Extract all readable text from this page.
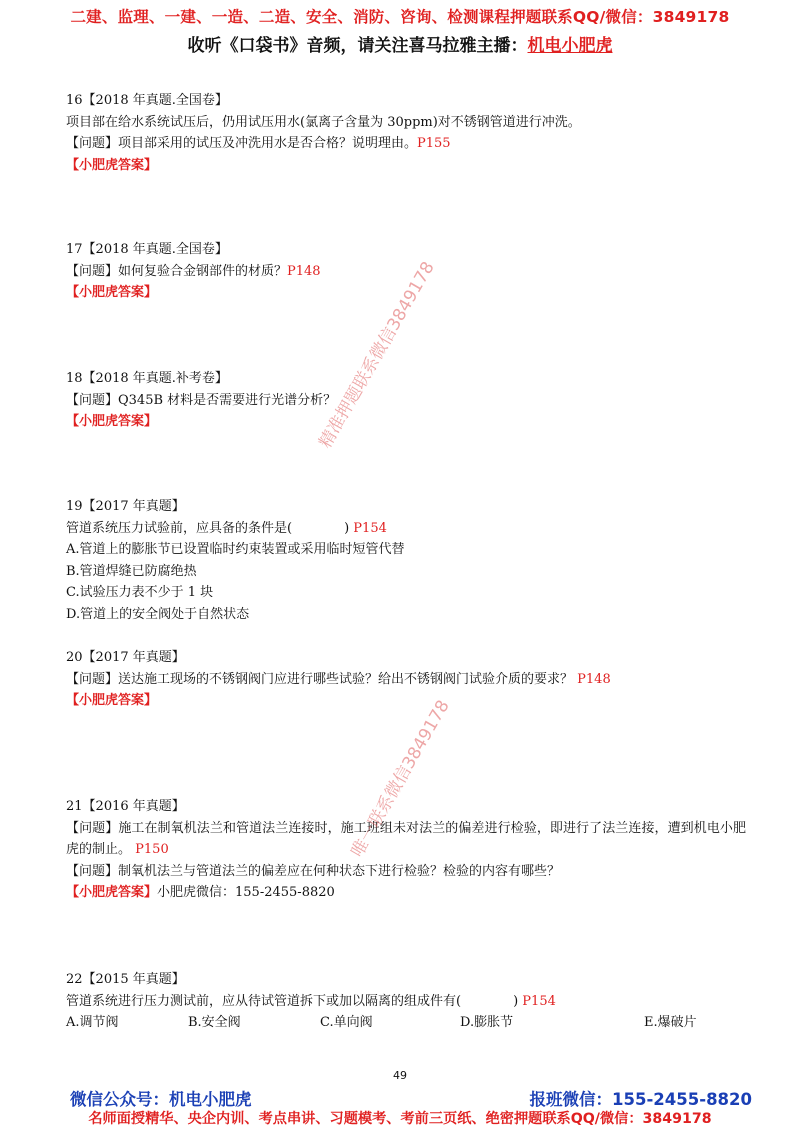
二建、监理、一建、一造、二造、安全、消防、咨询、检测课程押题联系QQ/微信：3849178
收听《口袋书》音频，请关注喜马拉雅主播：机电小肥虎
16【2018 年真题.全国卷】
项目部在给水系统试压后，仍用试压用水(氯离子含量为 30ppm)对不锈钢管道进行冲洗。
【问题】项目部采用的试压及冲洗用水是否合格？说明理由。P155
【小肥虎答案】
17【2018 年真题.全国卷】
【问题】如何复验合金钢部件的材质？P148
【小肥虎答案】
18【2018 年真题.补考卷】
【问题】Q345B 材料是否需要进行光谱分析？
【小肥虎答案】
19【2017 年真题】
管道系统压力试验前，应具备的条件是(　　　　) P154
A.管道上的膨胀节已设置临时约束装置或采用临时短管代替
B.管道焊缝已防腐绝热
C.试验压力表不少于 1 块
D.管道上的安全阀处于自然状态
20【2017 年真题】
【问题】送达施工现场的不锈钢阀门应进行哪些试验？给出不锈钢阀门试验介质的要求？ P148
【小肥虎答案】
21【2016 年真题】
【问题】施工在制氧机法兰和管道法兰连接时，施工班组未对法兰的偏差进行检验，即进行了法兰连接，遭到机电小肥虎的制止。 P150
【问题】制氧机法兰与管道法兰的偏差应在何种状态下进行检验？检验的内容有哪些？
【小肥虎答案】小肥虎微信：155-2455-8820
22【2015 年真题】
管道系统进行压力测试前，应从待试管道拆下或加以隔离的组成件有(　　　　) P154
A.调节阀	B.安全阀	C.单向阀	D.膨胀节	E.爆破片
精准押题联系微信3849178
唯一联系微信3849178
49
微信公众号：机电小肥虎	报班微信：155-2455-8820
名师面授精华、央企内训、考点串讲、习题模考、考前三页纸、绝密押题联系QQ/微信：3849178
